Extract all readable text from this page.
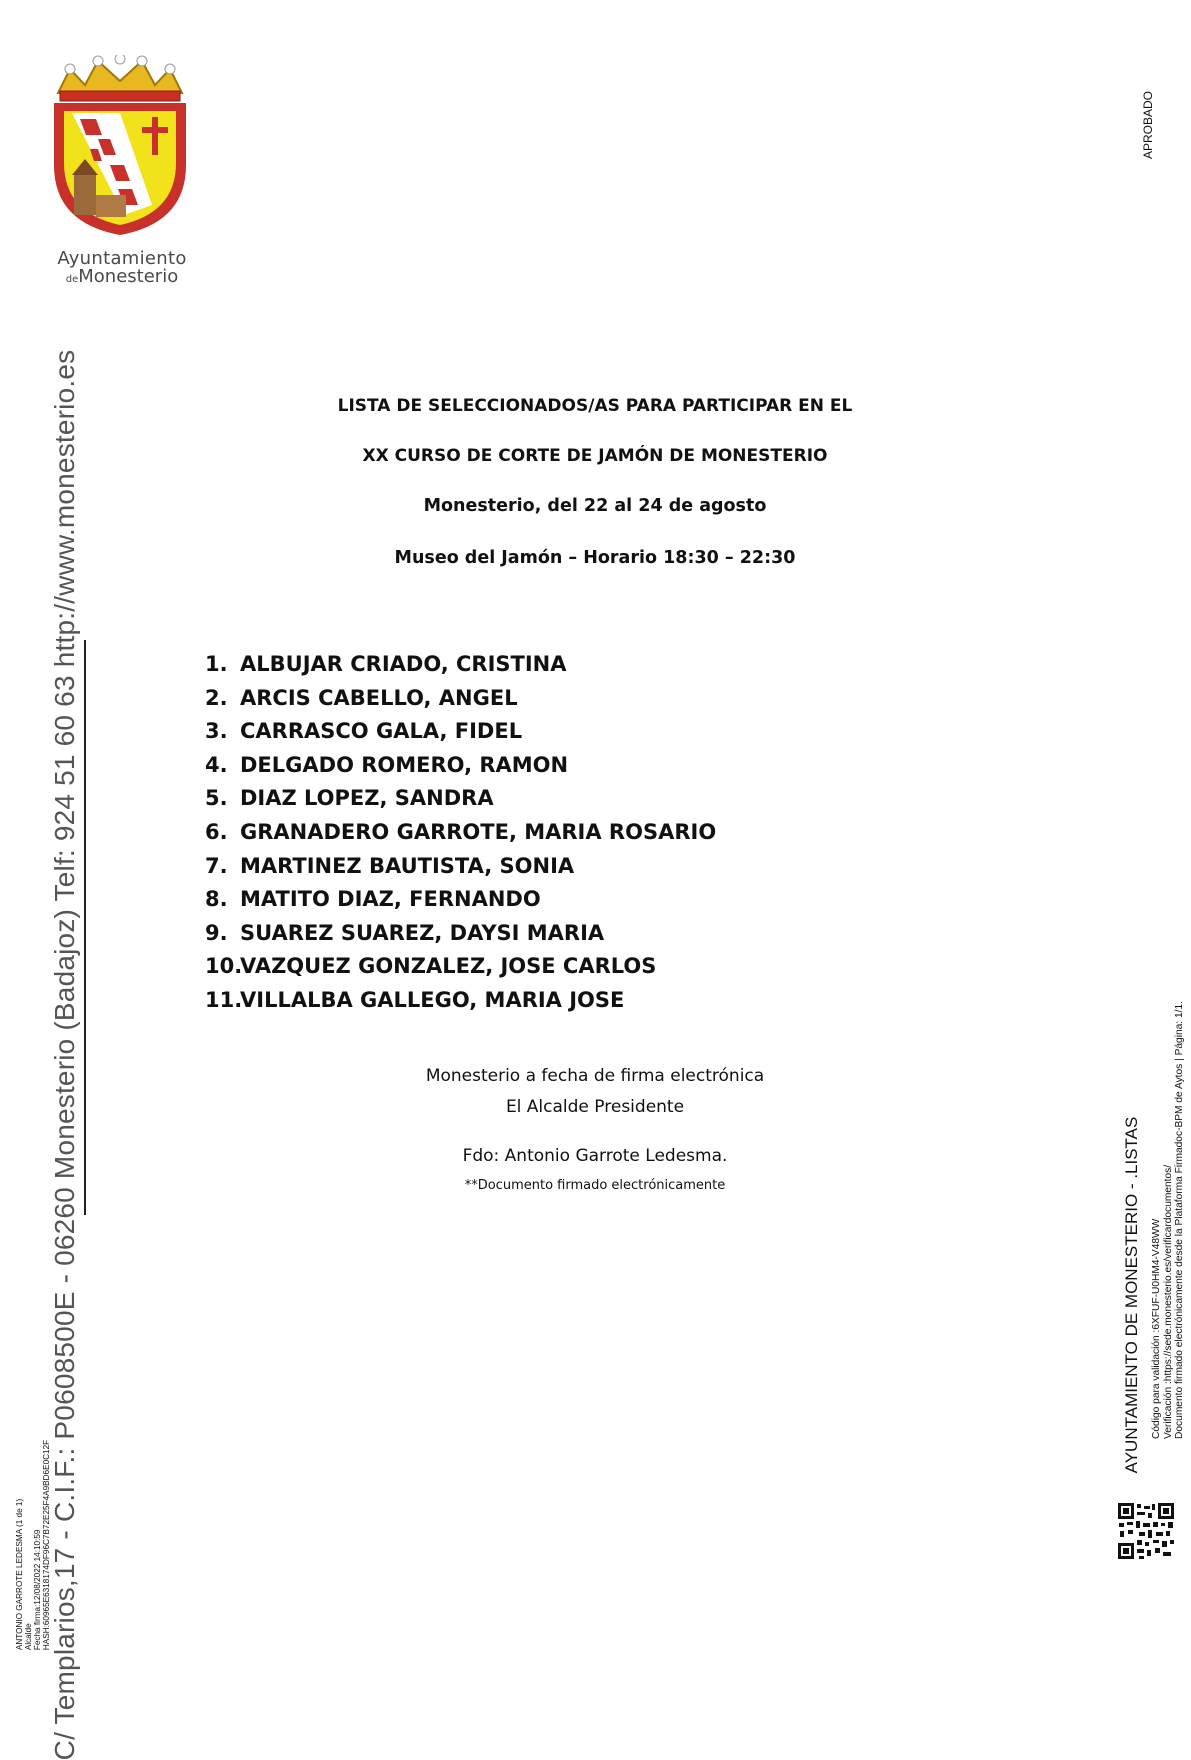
Ayuntamiento
deMonesterio
APROBADO
C/ Templarios,17 - C.I.F.: P0608500E - 06260 Monesterio (Badajoz) Telf: 924 51 60 63 http://www.monesterio.es
ANTONIO GARROTE LEDESMA (1 de 1) Alcalde Fecha firma:12/08/2022 14:10:59 HASH:60965E6318174DF96C7B72E25F4A9BD6E0C12F
LISTA DE SELECCIONADOS/AS PARA PARTICIPAR EN EL
XX CURSO DE CORTE DE JAMÓN DE MONESTERIO
Monesterio, del 22 al 24 de agosto
Museo del Jamón – Horario 18:30 – 22:30
1. ALBUJAR CRIADO, CRISTINA
2. ARCIS CABELLO, ANGEL
3. CARRASCO GALA, FIDEL
4. DELGADO ROMERO, RAMON
5. DIAZ LOPEZ, SANDRA
6. GRANADERO GARROTE, MARIA ROSARIO
7. MARTINEZ BAUTISTA, SONIA
8. MATITO DIAZ, FERNANDO
9. SUAREZ SUAREZ, DAYSI MARIA
10.VAZQUEZ GONZALEZ, JOSE CARLOS
11.VILLALBA GALLEGO, MARIA JOSE
Monesterio a fecha de firma electrónica
El Alcalde Presidente
Fdo: Antonio Garrote Ledesma.
**Documento firmado electrónicamente	AYUNTAMIENTO DE MONESTERIO - .LISTAS Código para validación :6XFUF-U0HM4-V48WW Verificación :https://sede.monesterio.es/verificardocumentos/ Documento firmado electrónicamente desde la Plataforma Firmadoc-BPM de Aytos | Página: 1/1.
